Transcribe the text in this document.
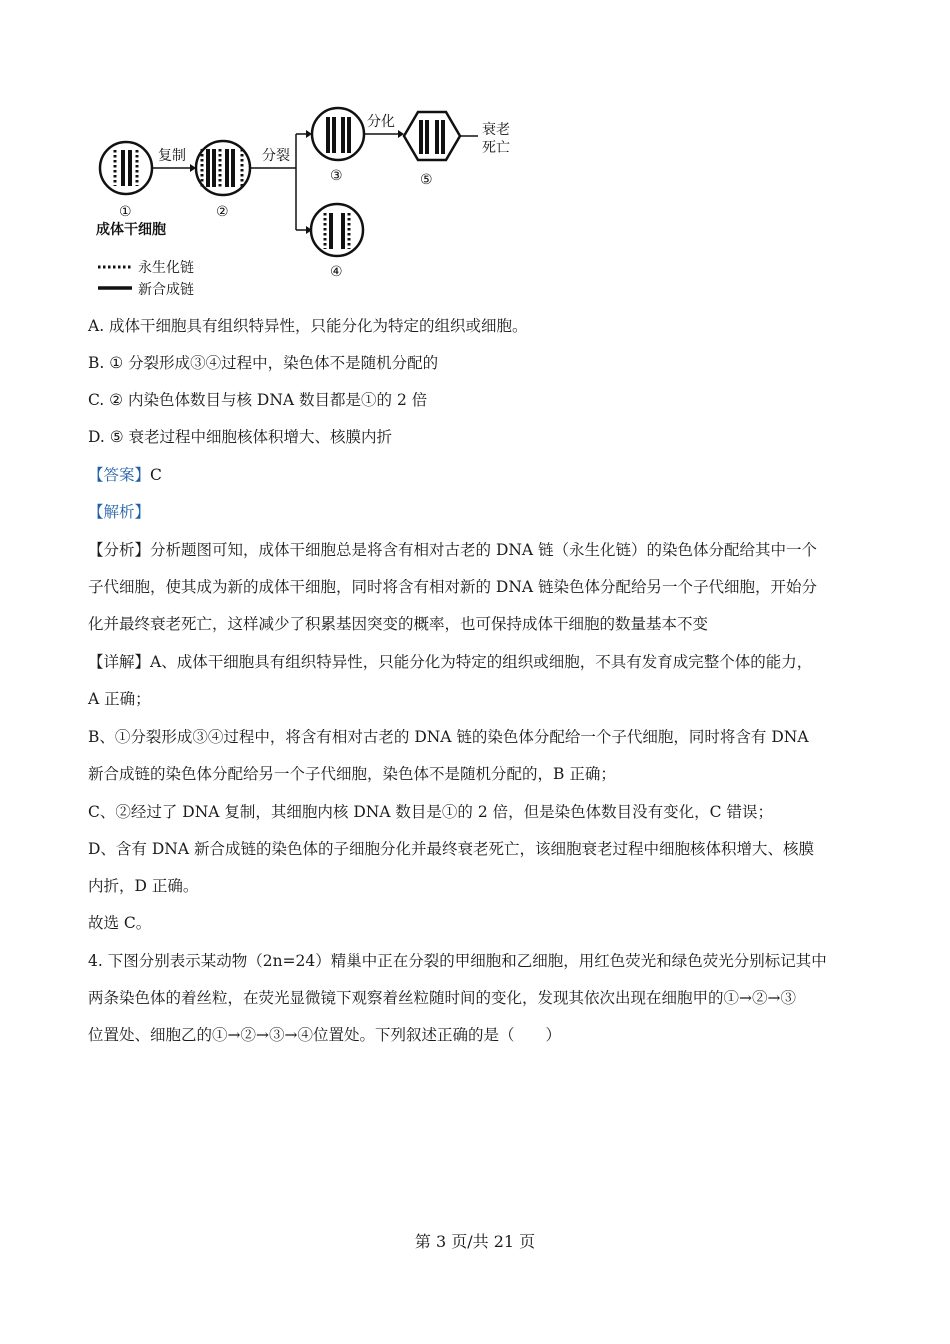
复制	分裂
分化	衰老
死亡
①	②
③	⑤
④
成体干细胞
永生化链
新合成链
A. 成体干细胞具有组织特异性，只能分化为特定的组织或细胞。
B. ① 分裂形成③④过程中，染色体不是随机分配的
C. ② 内染色体数目与核 DNA 数目都是①的 2 倍
D. ⑤ 衰老过程中细胞核体积增大、核膜内折
【答案】C
【解析】
【分析】分析题图可知，成体干细胞总是将含有相对古老的 DNA 链（永生化链）的染色体分配给其中一个
子代细胞，使其成为新的成体干细胞，同时将含有相对新的 DNA 链染色体分配给另一个子代细胞，开始分
化并最终衰老死亡，这样减少了积累基因突变的概率，也可保持成体干细胞的数量基本不变
【详解】A、成体干细胞具有组织特异性，只能分化为特定的组织或细胞，不具有发育成完整个体的能力，
A 正确；
B、①分裂形成③④过程中，将含有相对古老的 DNA 链的染色体分配给一个子代细胞，同时将含有 DNA
新合成链的染色体分配给另一个子代细胞，染色体不是随机分配的，B 正确；
C、②经过了 DNA 复制，其细胞内核 DNA 数目是①的 2 倍，但是染色体数目没有变化，C 错误；
D、含有 DNA 新合成链的染色体的子细胞分化并最终衰老死亡，该细胞衰老过程中细胞核体积增大、核膜
内折，D 正确。
故选 C。
4. 下图分别表示某动物（2n=24）精巢中正在分裂的甲细胞和乙细胞，用红色荧光和绿色荧光分别标记其中
两条染色体的着丝粒，在荧光显微镜下观察着丝粒随时间的变化，发现其依次出现在细胞甲的①→②→③
位置处、细胞乙的①→②→③→④位置处。下列叙述正确的是（　　）
第 3 页/共 21 页
